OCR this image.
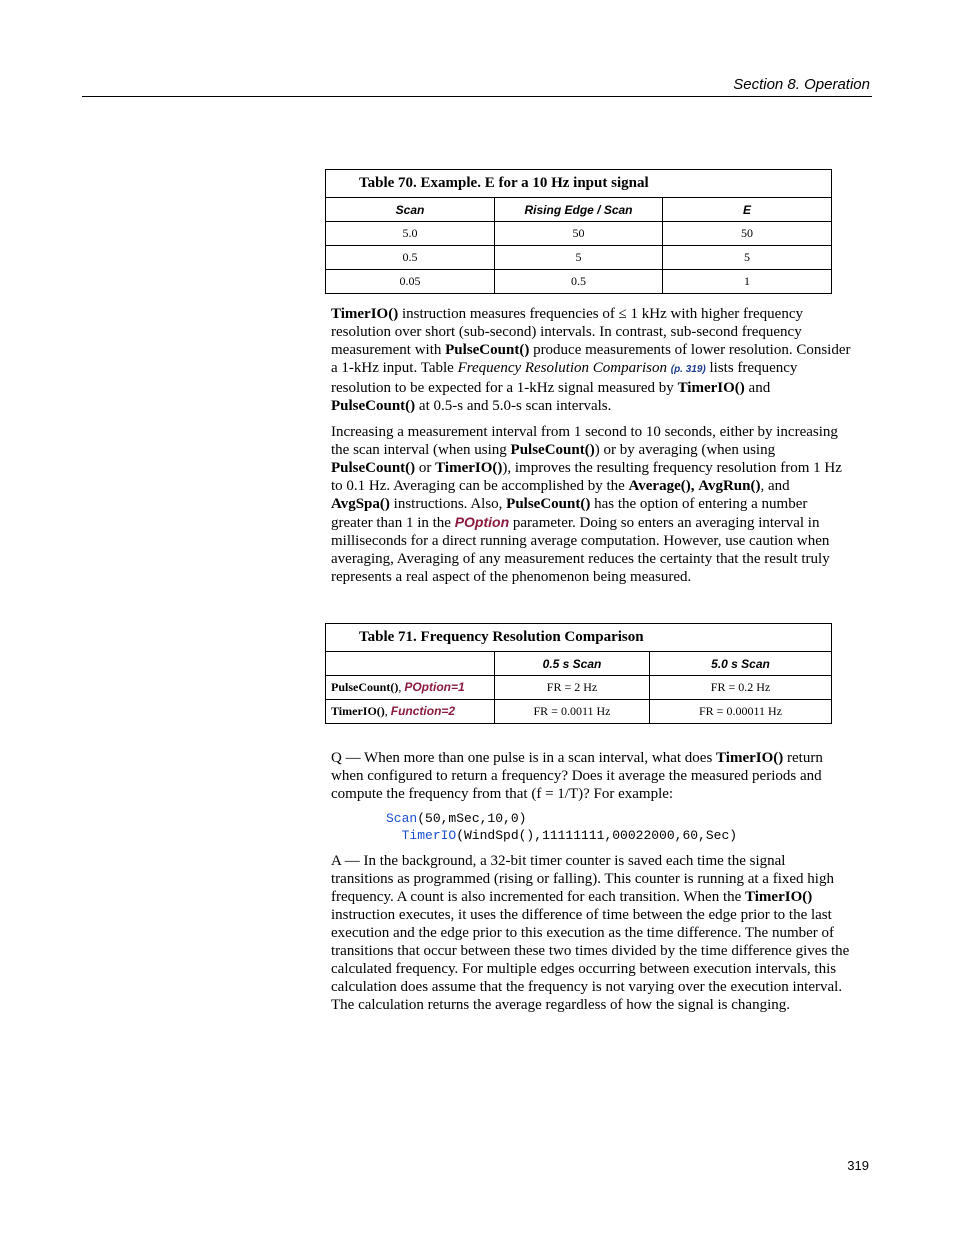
Section 8. Operation
Table 70. Example. E for a 10 Hz input signal		
Scan	Rising Edge / Scan	E
5.0	50	50
0.5	5	5
0.05	0.5	1

TimerIO() instruction measures frequencies of ≤ 1 kHz with higher frequency resolution over short (sub-second) intervals. In contrast, sub-second frequency measurement with PulseCount() produce measurements of lower resolution. Consider a 1-kHz input. Table Frequency Resolution Comparison (p. 319) lists frequency resolution to be expected for a 1-kHz signal measured by TimerIO() and PulseCount() at 0.5-s and 5.0-s scan intervals.

Increasing a measurement interval from 1 second to 10 seconds, either by increasing the scan interval (when using PulseCount()) or by averaging (when using PulseCount() or TimerIO()), improves the resulting frequency resolution from 1 Hz to 0.1 Hz. Averaging can be accomplished by the Average(), AvgRun(), and AvgSpa() instructions. Also, PulseCount() has the option of entering a number greater than 1 in the POption parameter. Doing so enters an averaging interval in milliseconds for a direct running average computation. However, use caution when averaging, Averaging of any measurement reduces the certainty that the result truly represents a real aspect of the phenomenon being measured.

Table 71. Frequency Resolution Comparison		
	0.5 s Scan	5.0 s Scan
PulseCount(), POption=1	FR = 2 Hz	FR = 0.2 Hz
TimerIO(), Function=2	FR = 0.0011 Hz	FR = 0.00011 Hz

Q — When more than one pulse is in a scan interval, what does TimerIO() return when configured to return a frequency? Does it average the measured periods and compute the frequency from that (f = 1/T)? For example:

Scan(50,mSec,10,0)
TimerIO(WindSpd(),11111111,00022000,60,Sec)

A — In the background, a 32-bit timer counter is saved each time the signal transitions as programmed (rising or falling). This counter is running at a fixed high frequency. A count is also incremented for each transition. When the TimerIO() instruction executes, it uses the difference of time between the edge prior to the last execution and the edge prior to this execution as the time difference. The number of transitions that occur between these two times divided by the time difference gives the calculated frequency. For multiple edges occurring between execution intervals, this calculation does assume that the frequency is not varying over the execution interval. The calculation returns the average regardless of how the signal is changing.

319
